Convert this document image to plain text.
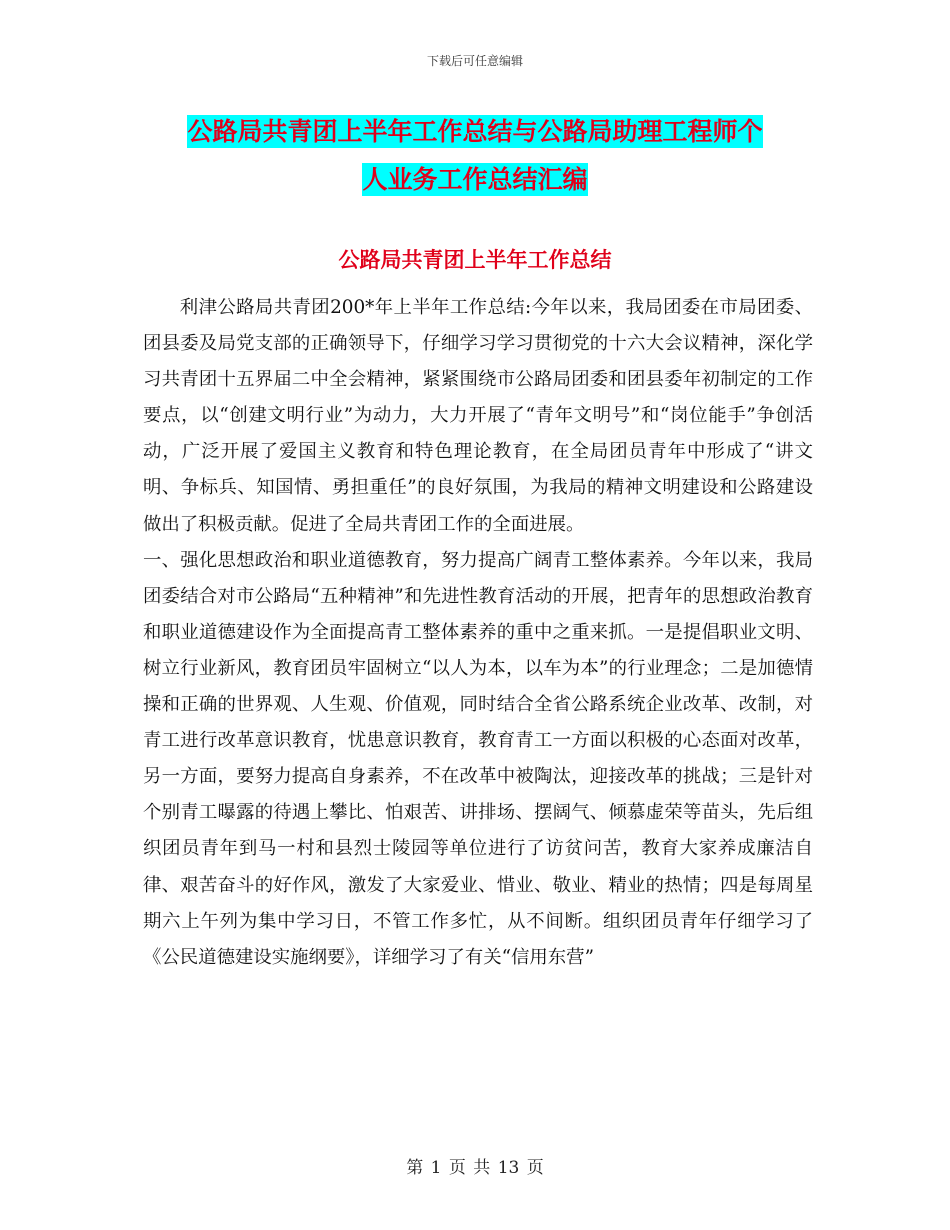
下载后可任意编辑
公路局共青团上半年工作总结与公路局助理工程师个
人业务工作总结汇编
公路局共青团上半年工作总结

利津公路局共青团200*年上半年工作总结:今年以来，我局团委在市局团委、团县委及局党支部的正确领导下，仔细学习学习贯彻党的十六大会议精神，深化学习共青团十五界届二中全会精神，紧紧围绕市公路局团委和团县委年初制定的工作要点，以“创建文明行业”为动力，大力开展了“青年文明号”和“岗位能手”争创活动，广泛开展了爱国主义教育和特色理论教育，在全局团员青年中形成了“讲文明、争标兵、知国情、勇担重任”的良好氛围，为我局的精神文明建设和公路建设做出了积极贡献。促进了全局共青团工作的全面进展。

一、强化思想政治和职业道德教育，努力提高广阔青工整体素养。今年以来，我局团委结合对市公路局“五种精神”和先进性教育活动的开展，把青年的思想政治教育和职业道德建设作为全面提高青工整体素养的重中之重来抓。一是提倡职业文明、树立行业新风，教育团员牢固树立“以人为本，以车为本”的行业理念；二是加德情操和正确的世界观、人生观、价值观，同时结合全省公路系统企业改革、改制，对青工进行改革意识教育，忧患意识教育，教育青工一方面以积极的心态面对改革，另一方面，要努力提高自身素养，不在改革中被陶汰，迎接改革的挑战；三是针对个别青工曝露的待遇上攀比、怕艰苦、讲排场、摆阔气、倾慕虚荣等苗头，先后组织团员青年到马一村和县烈士陵园等单位进行了访贫问苦，教育大家养成廉洁自律、艰苦奋斗的好作风，激发了大家爱业、惜业、敬业、精业的热情；四是每周星期六上午列为集中学习日，不管工作多忙，从不间断。组织团员青年仔细学习了《公民道德建设实施纲要》，详细学习了有关“信用东营”

第 1 页 共 13 页
